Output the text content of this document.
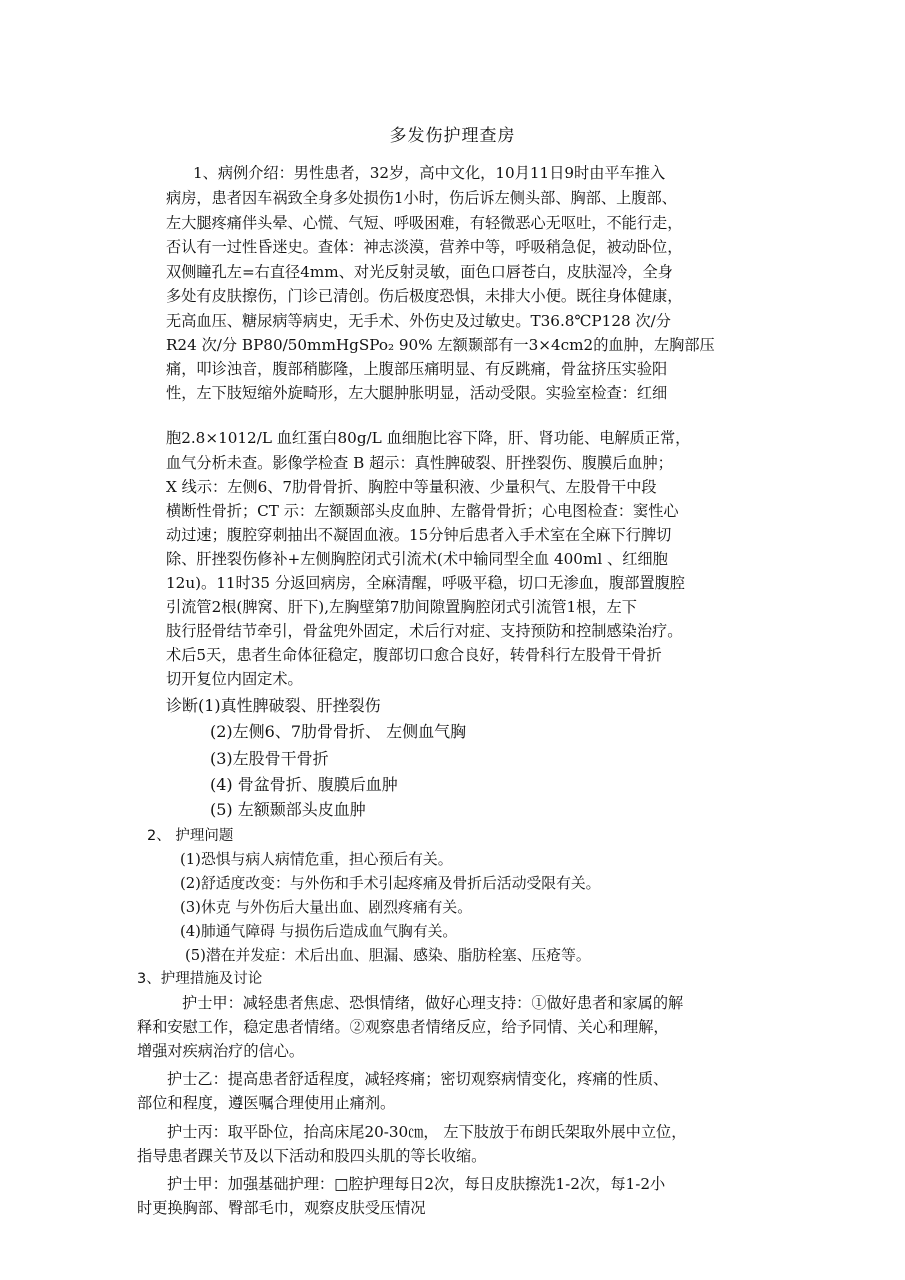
多发伤护理查房
1、病例介绍：男性患者，32岁，高中文化，10月11日9时由平车推入
病房，患者因车祸致全身多处损伤1小时，伤后诉左侧头部、胸部、上腹部、
左大腿疼痛伴头晕、心慌、气短、呼吸困难，有轻微恶心无呕吐，不能行走，
否认有一过性昏迷史。查体：神志淡漠，营养中等，呼吸稍急促，被动卧位，
双侧瞳孔左=右直径4mm、对光反射灵敏，面色口唇苍白，皮肤湿冷，全身
多处有皮肤擦伤，门诊已清创。伤后极度恐惧，未排大小便。既往身体健康，
无高血压、糖尿病等病史，无手术、外伤史及过敏史。T36.8℃P128 次/分
R24 次/分 BP80/50mmHgSPo₂ 90% 左额颞部有一3×4cm2的血肿，左胸部压
痛，叩诊浊音，腹部稍膨隆，上腹部压痛明显、有反跳痛，骨盆挤压实验阳
性，左下肢短缩外旋畸形，左大腿肿胀明显，活动受限。实验室检查：红细
胞2.8×1012/L 血红蛋白80g/L 血细胞比容下降，肝、肾功能、电解质正常，
血气分析未查。影像学检查 B 超示：真性脾破裂、肝挫裂伤、腹膜后血肿；
X 线示：左侧6、7肋骨骨折、胸腔中等量积液、少量积气、左股骨干中段
横断性骨折；CT 示：左额颞部头皮血肿、左髂骨骨折；心电图检查：窦性心
动过速；腹腔穿刺抽出不凝固血液。15分钟后患者入手术室在全麻下行脾切
除、肝挫裂伤修补+左侧胸腔闭式引流术(术中输同型全血 400ml 、红细胞
12u)。11时35 分返回病房，全麻清醒，呼吸平稳，切口无渗血，腹部置腹腔
引流管2根(脾窝、肝下),左胸壁第7肋间隙置胸腔闭式引流管1根，左下
肢行胫骨结节牵引，骨盆兜外固定，术后行对症、支持预防和控制感染治疗。
术后5天，患者生命体征稳定，腹部切口愈合良好，转骨科行左股骨干骨折
切开复位内固定术。
诊断(1)真性脾破裂、肝挫裂伤
(2)左侧6、7肋骨骨折、 左侧血气胸
(3)左股骨干骨折
(4) 骨盆骨折、腹膜后血肿
(5) 左额颞部头皮血肿
2、 护理问题
(1)恐惧与病人病情危重，担心预后有关。
(2)舒适度改变：与外伤和手术引起疼痛及骨折后活动受限有关。
(3)休克 与外伤后大量出血、剧烈疼痛有关。
(4)肺通气障碍 与损伤后造成血气胸有关。
(5)潜在并发症：术后出血、胆漏、感染、脂肪栓塞、压疮等。
3、护理措施及讨论
护士甲：减轻患者焦虑、恐惧情绪，做好心理支持：①做好患者和家属的解
释和安慰工作，稳定患者情绪。②观察患者情绪反应，给予同情、关心和理解，
增强对疾病治疗的信心。
护士乙：提高患者舒适程度，减轻疼痛；密切观察病情变化，疼痛的性质、
部位和程度，遵医嘱合理使用止痛剂。
护士丙：取平卧位，抬高床尾20-30㎝， 左下肢放于布朗氏架取外展中立位，
指导患者踝关节及以下活动和股四头肌的等长收缩。
护士甲：加强基础护理：□腔护理每日2次，每日皮肤擦洗1-2次，每1-2小
时更换胸部、臀部毛巾，观察皮肤受压情况
